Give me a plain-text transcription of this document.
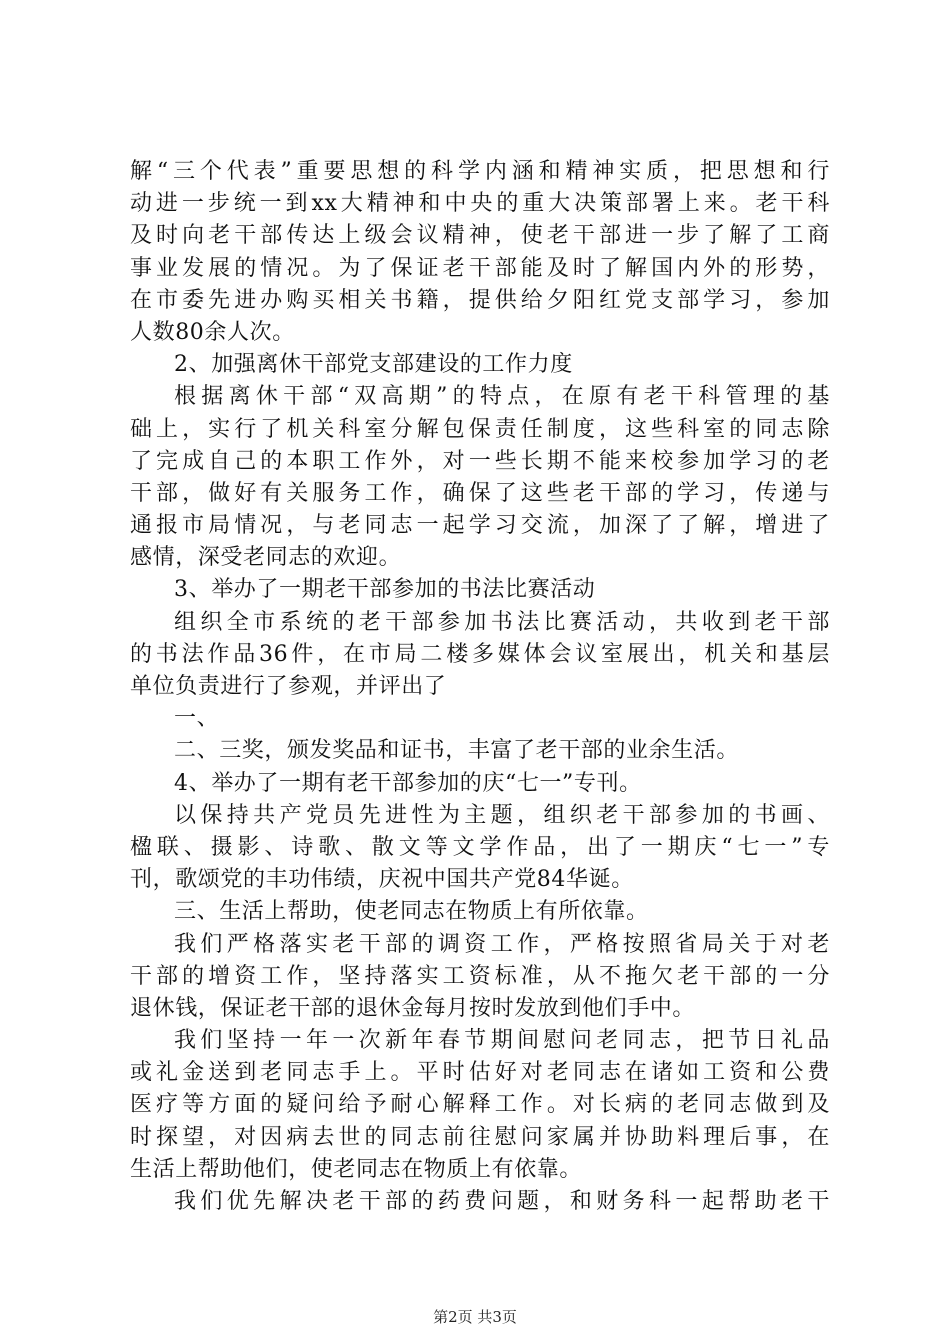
解“三个代表”重要思想的科学内涵和精神实质，把思想和行
动进一步统一到xx大精神和中央的重大决策部署上来。老干科
及时向老干部传达上级会议精神，使老干部进一步了解了工商
事业发展的情况。为了保证老干部能及时了解国内外的形势，
在市委先进办购买相关书籍，提供给夕阳红党支部学习，参加
人数80余人次。
2、加强离休干部党支部建设的工作力度
根据离休干部“双高期”的特点，在原有老干科管理的基
础上，实行了机关科室分解包保责任制度，这些科室的同志除
了完成自己的本职工作外，对一些长期不能来校参加学习的老
干部，做好有关服务工作，确保了这些老干部的学习，传递与
通报市局情况，与老同志一起学习交流，加深了了解，增进了
感情，深受老同志的欢迎。
3、举办了一期老干部参加的书法比赛活动
组织全市系统的老干部参加书法比赛活动，共收到老干部
的书法作品36件，在市局二楼多媒体会议室展出，机关和基层
单位负责进行了参观，并评出了
一、
二、三奖，颁发奖品和证书，丰富了老干部的业余生活。
4、举办了一期有老干部参加的庆“七一”专刊。
以保持共产党员先进性为主题，组织老干部参加的书画、
楹联、摄影、诗歌、散文等文学作品，出了一期庆“七一”专
刊，歌颂党的丰功伟绩，庆祝中国共产党84华诞。
三、生活上帮助，使老同志在物质上有所依靠。
我们严格落实老干部的调资工作，严格按照省局关于对老
干部的增资工作，坚持落实工资标准，从不拖欠老干部的一分
退休钱，保证老干部的退休金每月按时发放到他们手中。
我们坚持一年一次新年春节期间慰问老同志，把节日礼品
或礼金送到老同志手上。平时估好对老同志在诸如工资和公费
医疗等方面的疑问给予耐心解释工作。对长病的老同志做到及
时探望，对因病去世的同志前往慰问家属并协助料理后事，在
生活上帮助他们，使老同志在物质上有依靠。
我们优先解决老干部的药费问题，和财务科一起帮助老干
第2页 共3页
